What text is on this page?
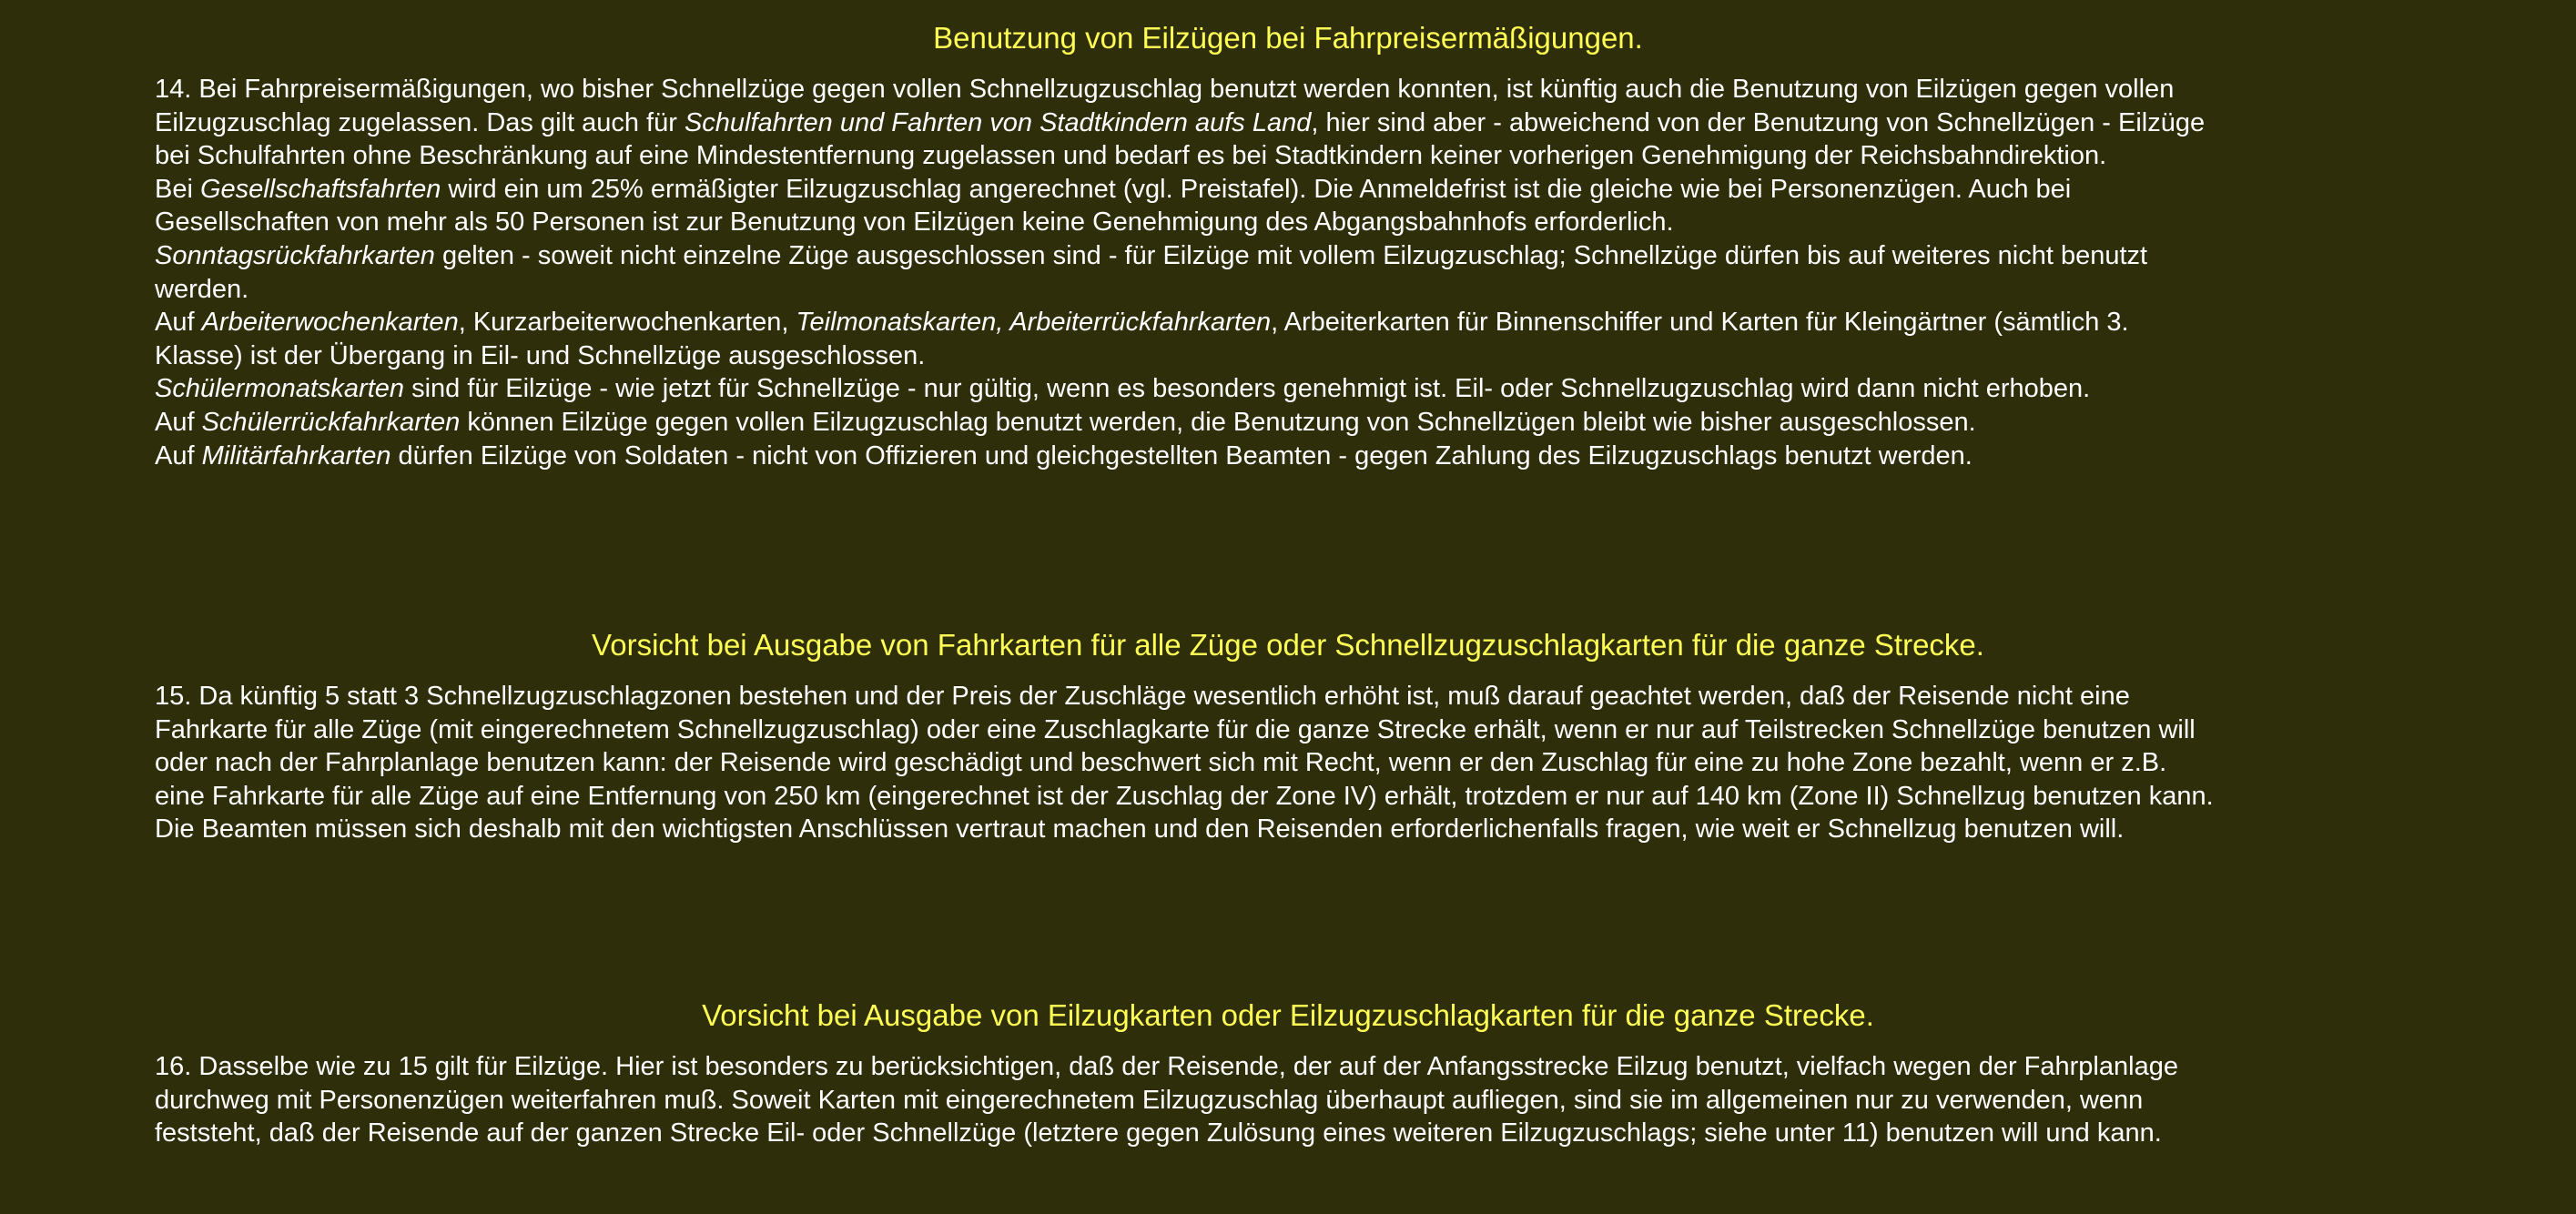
Benutzung von Eilzügen bei Fahrpreisermäßigungen.
14. Bei Fahrpreisermäßigungen, wo bisher Schnellzüge gegen vollen Schnellzugzuschlag benutzt werden konnten, ist künftig auch die Benutzung von Eilzügen gegen vollen
Eilzugzuschlag zugelassen. Das gilt auch für Schulfahrten und Fahrten von Stadtkindern aufs Land, hier sind aber - abweichend von der Benutzung von Schnellzügen - Eilzüge
bei Schulfahrten ohne Beschränkung auf eine Mindestentfernung zugelassen und bedarf es bei Stadtkindern keiner vorherigen Genehmigung der Reichsbahndirektion.
Bei Gesellschaftsfahrten wird ein um 25% ermäßigter Eilzugzuschlag angerechnet (vgl. Preistafel). Die Anmeldefrist ist die gleiche wie bei Personenzügen. Auch bei
Gesellschaften von mehr als 50 Personen ist zur Benutzung von Eilzügen keine Genehmigung des Abgangsbahnhofs erforderlich.
Sonntagsrückfahrkarten gelten - soweit nicht einzelne Züge ausgeschlossen sind - für Eilzüge mit vollem Eilzugzuschlag; Schnellzüge dürfen bis auf weiteres nicht benutzt
werden.
Auf Arbeiterwochenkarten, Kurzarbeiterwochenkarten, Teilmonatskarten, Arbeiterrückfahrkarten, Arbeiterkarten für Binnenschiffer und Karten für Kleingärtner (sämtlich 3.
Klasse) ist der Übergang in Eil- und Schnellzüge ausgeschlossen.
Schülermonatskarten sind für Eilzüge - wie jetzt für Schnellzüge - nur gültig, wenn es besonders genehmigt ist. Eil- oder Schnellzugzuschlag wird dann nicht erhoben.
Auf Schülerrückfahrkarten können Eilzüge gegen vollen Eilzugzuschlag benutzt werden, die Benutzung von Schnellzügen bleibt wie bisher ausgeschlossen.
Auf Militärfahrkarten dürfen Eilzüge von Soldaten - nicht von Offizieren und gleichgestellten Beamten - gegen Zahlung des Eilzugzuschlags benutzt werden.
Vorsicht bei Ausgabe von Fahrkarten für alle Züge oder Schnellzugzuschlagkarten für die ganze Strecke.
15. Da künftig 5 statt 3 Schnellzugzuschlagzonen bestehen und der Preis der Zuschläge wesentlich erhöht ist, muß darauf geachtet werden, daß der Reisende nicht eine
Fahrkarte für alle Züge (mit eingerechnetem Schnellzugzuschlag) oder eine Zuschlagkarte für die ganze Strecke erhält, wenn er nur auf Teilstrecken Schnellzüge benutzen will
oder nach der Fahrplanlage benutzen kann: der Reisende wird geschädigt und beschwert sich mit Recht, wenn er den Zuschlag für eine zu hohe Zone bezahlt, wenn er z.B.
eine Fahrkarte für alle Züge auf eine Entfernung von 250 km (eingerechnet ist der Zuschlag der Zone IV) erhält, trotzdem er nur auf 140 km (Zone II) Schnellzug benutzen kann.
Die Beamten müssen sich deshalb mit den wichtigsten Anschlüssen vertraut machen und den Reisenden erforderlichenfalls fragen, wie weit er Schnellzug benutzen will.
Vorsicht bei Ausgabe von Eilzugkarten oder Eilzugzuschlagkarten für die ganze Strecke.
16. Dasselbe wie zu 15 gilt für Eilzüge. Hier ist besonders zu berücksichtigen, daß der Reisende, der auf der Anfangsstrecke Eilzug benutzt, vielfach wegen der Fahrplanlage
durchweg mit Personenzügen weiterfahren muß. Soweit Karten mit eingerechnetem Eilzugzuschlag überhaupt aufliegen, sind sie im allgemeinen nur zu verwenden, wenn
feststeht, daß der Reisende auf der ganzen Strecke Eil- oder Schnellzüge (letztere gegen Zulösung eines weiteren Eilzugzuschlags; siehe unter 11) benutzen will und kann.
